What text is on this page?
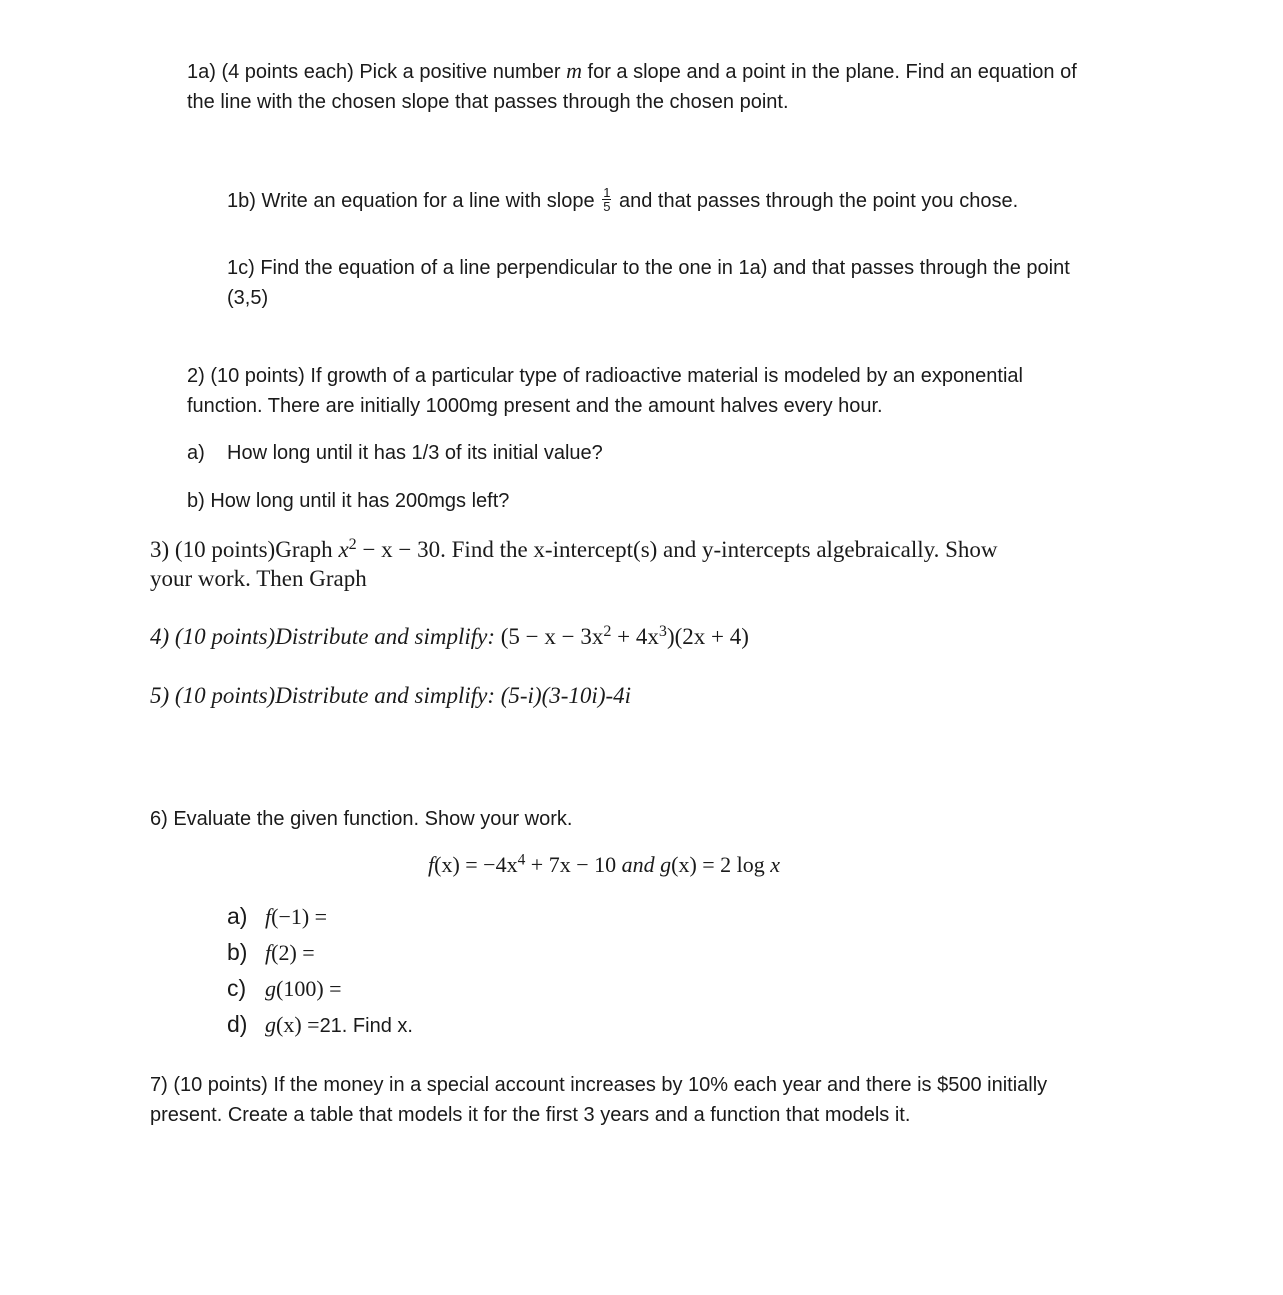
1a) (4 points each) Pick a positive number m for a slope and a point in the plane. Find an equation of
the line with the chosen slope that passes through the chosen point.
1b) Write an equation for a line with slope $\frac{1}{5}$ and that passes through the point you chose.
1c) Find the equation of a line perpendicular to the one in 1a) and that passes through the point
(3,5)
2) (10 points) If growth of a particular type of radioactive material is modeled by an exponential
function. There are initially 1000mg present and the amount halves every hour.
a) How long until it has 1/3 of its initial value?
b) How long until it has 200mgs left?
3) (10 points)Graph $x^2 - x - 30$. Find the x-intercept(s) and y-intercepts algebraically. Show
your work. Then Graph
4) (10 points)Distribute and simplify: $(5 - x - 3x^2 + 4x^3)(2x + 4)$
5) (10 points)Distribute and simplify: (5-i)(3-10i)-4i
6) Evaluate the given function. Show your work.
$f(x) = -4x^4 + 7x - 10$ and g(x) = 2 log x
a) f(−1) =
b) f(2) =
c) g(100) =
d) g(x) =21. Find x.
7) (10 points) If the money in a special account increases by 10% each year and there is $500 initially
present. Create a table that models it for the first 3 years and a function that models it.
